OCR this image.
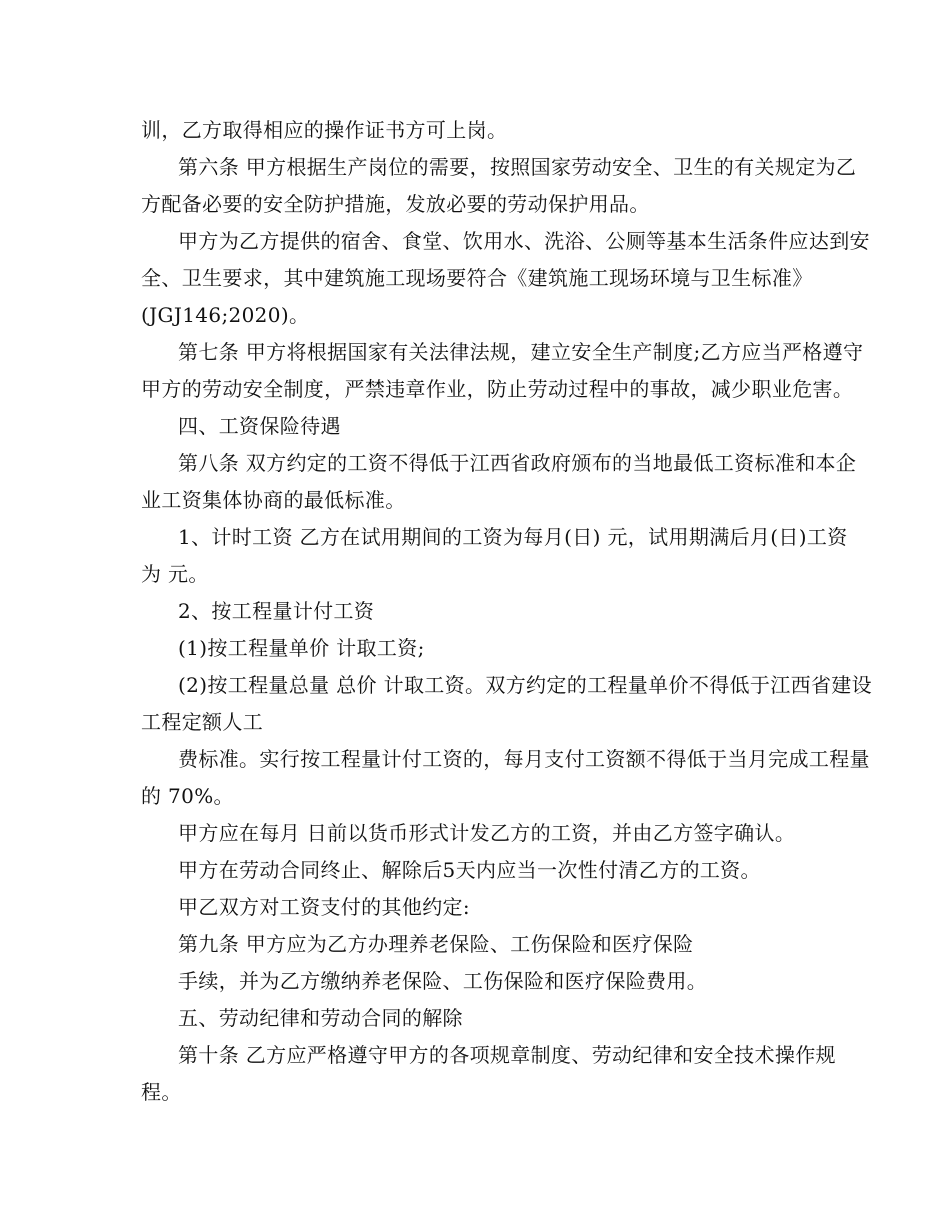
训，乙方取得相应的操作证书方可上岗。
第六条 甲方根据生产岗位的需要，按照国家劳动安全、卫生的有关规定为乙
方配备必要的安全防护措施，发放必要的劳动保护用品。
甲方为乙方提供的宿舍、食堂、饮用水、洗浴、公厕等基本生活条件应达到安
全、卫生要求，其中建筑施工现场要符合《建筑施工现场环境与卫生标准》
(JGJ146;2020)。
第七条 甲方将根据国家有关法律法规，建立安全生产制度;乙方应当严格遵守
甲方的劳动安全制度，严禁违章作业，防止劳动过程中的事故，减少职业危害。
四、工资保险待遇
第八条 双方约定的工资不得低于江西省政府颁布的当地最低工资标准和本企
业工资集体协商的最低标准。
1、计时工资 乙方在试用期间的工资为每月(日) 元，试用期满后月(日)工资
为 元。
2、按工程量计付工资
(1)按工程量单价 计取工资;
(2)按工程量总量 总价 计取工资。双方约定的工程量单价不得低于江西省建设
工程定额人工
费标准。实行按工程量计付工资的，每月支付工资额不得低于当月完成工程量
的 70%。
甲方应在每月 日前以货币形式计发乙方的工资，并由乙方签字确认。
甲方在劳动合同终止、解除后5天内应当一次性付清乙方的工资。
甲乙双方对工资支付的其他约定:
第九条 甲方应为乙方办理养老保险、工伤保险和医疗保险
手续，并为乙方缴纳养老保险、工伤保险和医疗保险费用。
五、劳动纪律和劳动合同的解除
第十条 乙方应严格遵守甲方的各项规章制度、劳动纪律和安全技术操作规
程。
